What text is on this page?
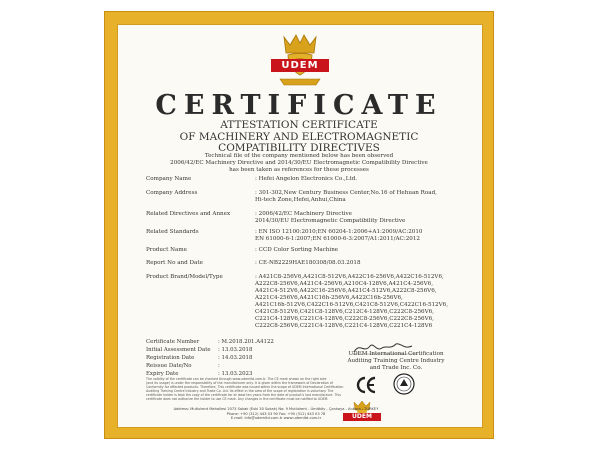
UDEM
CERTIFICATE
ATTESTATION CERTIFICATE
OF MACHINERY AND ELECTROMAGNETIC
COMPATIBILITY DIRECTIVES
Technical file of the company mentioned below has been observed
2006/42/EC Machinery Directive and 2014/30/EU Electromagnetic Compatibility Directive
has been taken as references for these processes
Company Name	: Hefei Angelon Electronics Co.,Ltd.
Company Address	: 301-302,New Century Business Center,No.16 of Hehuan Road,
Hi-tech Zone,Hefei,Anhui,China
Related Directives and Annex	: 2006/42/EC Machinery Directive
2014/30/EU Electromagnetic Compatibility Directive
Related Standards	: EN ISO 12100:2010;EN 60204-1:2006+A1:2009/AC:2010
EN 61000-6-1:2007;EN 61000-6-3:2007/A1:2011/AC:2012
Product Name	: CCD Color Sorting Machine
Report No and Date	: CE-NB2229HAE180308/08.03.2018
Product Brand/Model/Type	: A421C8-256V6,A421C8-512V6,A422C16-256V6,A422C16-512V6,
A222C8-256V6,A421C4-256V6,A210C4-128V6,A421C4-256V6,
A421C4-512V6,A422C16-256V6,A421C4-512V6,A222C8-256V6,
A221C4-256V6,A421C16h-256V6,A422C16h-256V6,
A421C16h-512V6,C422C16-512V6,C421C8-512V6,C422C16-512V6,
C421C8-512V6,C421C8-128V6,C212C4-128V6,C222C8-256V6,
C221C4-128V6,C221C4-128V6,C222C8-256V6,C222C8-256V6,
C222C8-256V6,C221C4-128V6,C221C4-128V6,C221C4-128V6
Certificate Number	: M.2018.201.A4122
Initial Assessment Date : 13.03.2018
Registration Date	: 14.03.2018
Reissue Date/No	:
Expiry Date	: 13.03.2023
UDEM International Certification
Auditing Training Centre Industry
and Trade Inc. Co.
UDEM
The validity of the certificate can be checked through www.udemltd.com.tr. The CE mark shown on the right side
(and its usage) is under the responsibility of the manufacturer only. It is given within the framework of Declaration of
Conformity for affected products. Therefore, This certificate was issued within the scope of UDEM International Certification
Auditing Training Centre Industry and Trade Co. Ltd. Its effect in the area of the scope of registration is voluntary. The
certificate holder is kept the copy of the certificate for at least ten years from the date of product's last manufacture. This
certificate does not authorize the holder to use CE mark. Any changes in the certificate must be notified to UDEM.
Address: Mutlukent Mahallesi 2073 Sokak (Eski 30 Sokak) No: 9 Mutlukent - Ümitköy - Çankaya - Ankara - TURKEY
Phone: +90 (312) 443 03 90 Fax: +90 (312) 443 03 78
E-mail: info@udemltd.com.tr www.udemltd.com.tr
